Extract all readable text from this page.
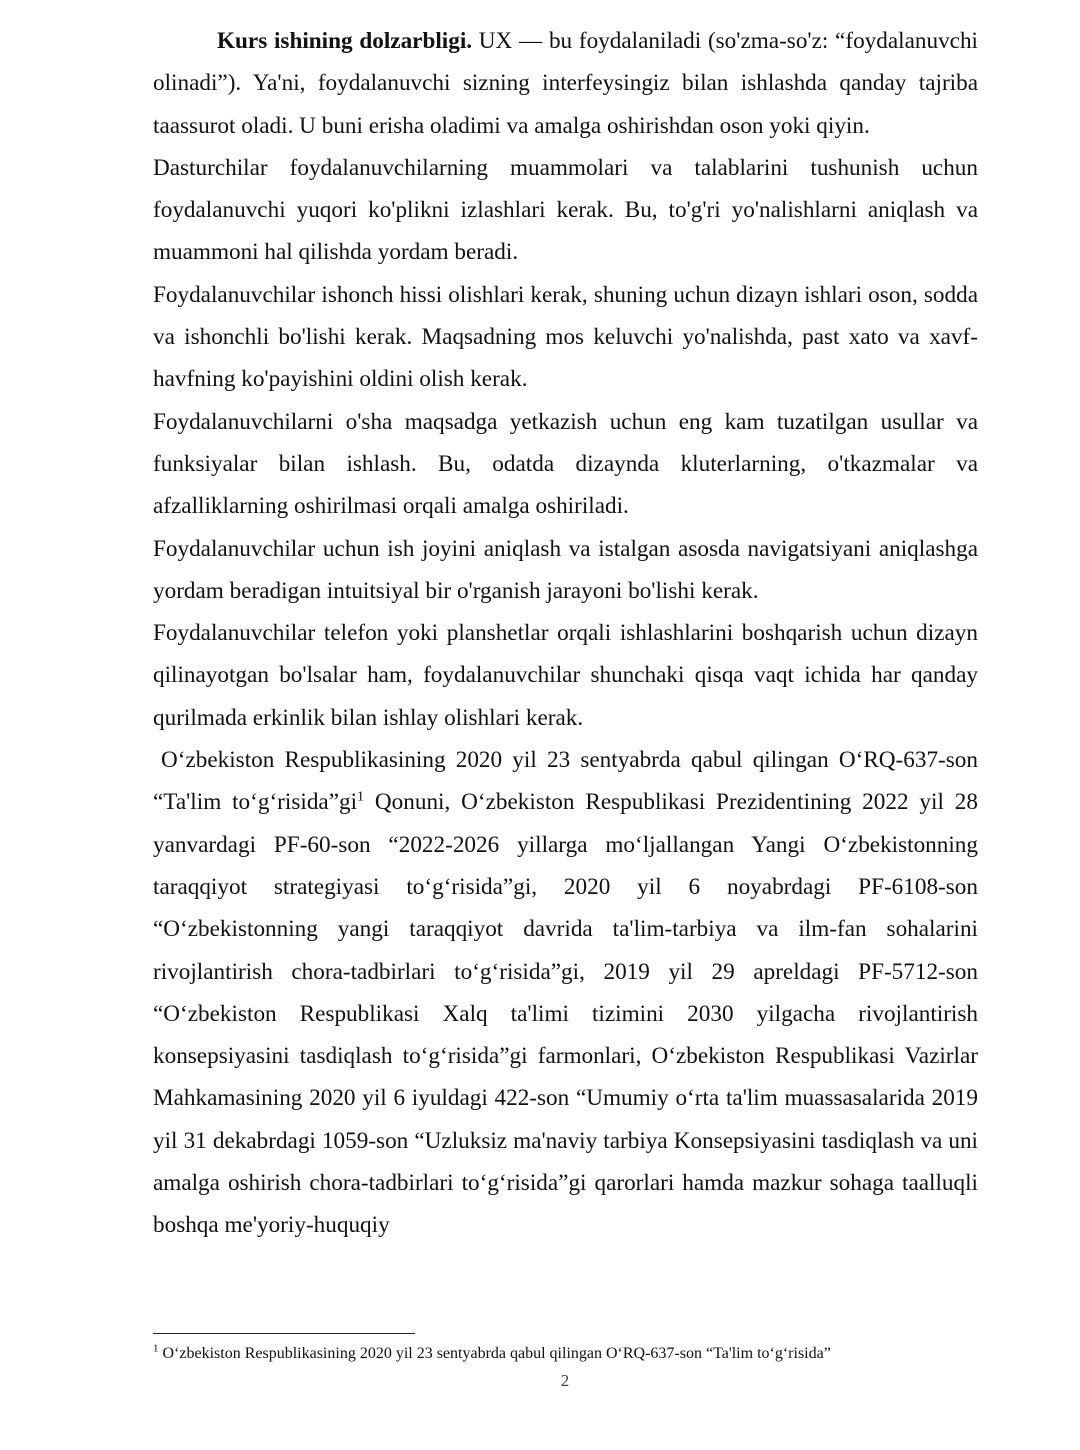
Kurs ishining dolzarbligi. UX — bu foydalaniladi (so'zma-so'z: “foydalanuvchi olinadi”). Ya'ni, foydalanuvchi sizning interfeysingiz bilan ishlashda qanday tajriba taassurot oladi. U buni erisha oladimi va amalga oshirishdan oson yoki qiyin.

Dasturchilar foydalanuvchilarning muammolari va talablarini tushunish uchun foydalanuvchi yuqori ko'plikni izlashlari kerak. Bu, to'g'ri yo'nalishlarni aniqlash va muammoni hal qilishda yordam beradi.

Foydalanuvchilar ishonch hissi olishlari kerak, shuning uchun dizayn ishlari oson, sodda va ishonchli bo'lishi kerak. Maqsadning mos keluvchi yo'nalishda, past xato va xavf-havfning ko'payishini oldini olish kerak.

Foydalanuvchilarni o'sha maqsadga yetkazish uchun eng kam tuzatilgan usullar va funksiyalar bilan ishlash. Bu, odatda dizaynda kluterlarning, o'tkazmalar va afzalliklarning oshirilmasi orqali amalga oshiriladi.

Foydalanuvchilar uchun ish joyini aniqlash va istalgan asosda navigatsiyani aniqlashga yordam beradigan intuitsiyal bir o'rganish jarayoni bo'lishi kerak.

Foydalanuvchilar telefon yoki planshetlar orqali ishlashlarini boshqarish uchun dizayn qilinayotgan bo'lsalar ham, foydalanuvchilar shunchaki qisqa vaqt ichida har qanday qurilmada erkinlik bilan ishlay olishlari kerak.

Oʻzbekiston Respublikasining 2020 yil 23 sentyabrda qabul qilingan OʻRQ-637-son “Ta'lim toʻgʻrisida”gi$^1$ Qonuni, Oʻzbekiston Respublikasi Prezidentining 2022 yil 28 yanvardagi PF-60-son “2022-2026 yillarga moʻljallangan Yangi Oʻzbekistonning taraqqiyot strategiyasi toʻgʻrisida”gi, 2020 yil 6 noyabrdagi PF-6108-son “Oʻzbekistonning yangi taraqqiyot davrida ta'lim-tarbiya va ilm-fan sohalarini rivojlantirish chora-tadbirlari toʻgʻrisida”gi, 2019 yil 29 apreldagi PF-5712-son “Oʻzbekiston Respublikasi Xalq ta'limi tizimini 2030 yilgacha rivojlantirish konsepsiyasini tasdiqlash toʻgʻrisida”gi farmonlari, Oʻzbekiston Respublikasi Vazirlar Mahkamasining 2020 yil 6 iyuldagi 422-son “Umumiy oʻrta ta'lim muassasalarida 2019 yil 31 dekabrdagi 1059-son “Uzluksiz ma'naviy tarbiya Konsepsiyasini tasdiqlash va uni amalga oshirish chora-tadbirlari toʻgʻrisida”gi qarorlari hamda mazkur sohaga taalluqli boshqa me'yoriy-huquqiy

$^1$ Oʻzbekiston Respublikasining 2020 yil 23 sentyabrda qabul qilingan OʻRQ-637-son “Ta'lim toʻgʻrisida”
2
